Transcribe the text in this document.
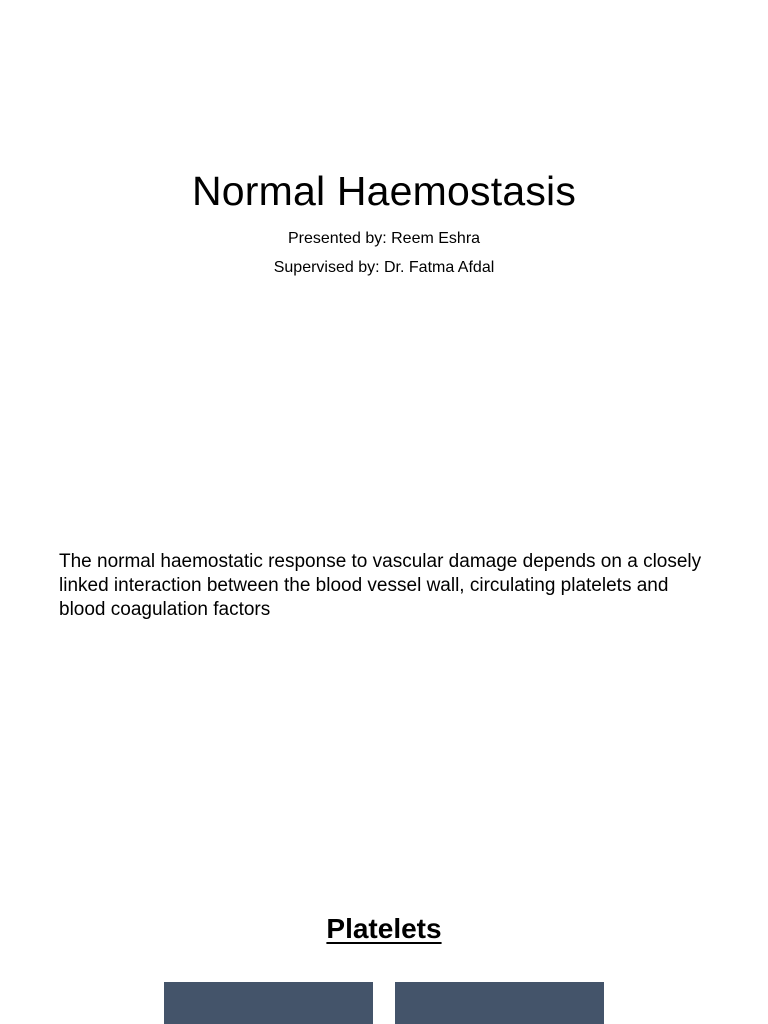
Normal Haemostasis

Presented by: Reem Eshra

Supervised by: Dr. Fatma Afdal

The normal haemostatic response to vascular damage depends on a closely linked interaction between the blood vessel wall, circulating platelets and blood coagulation factors

Platelets
